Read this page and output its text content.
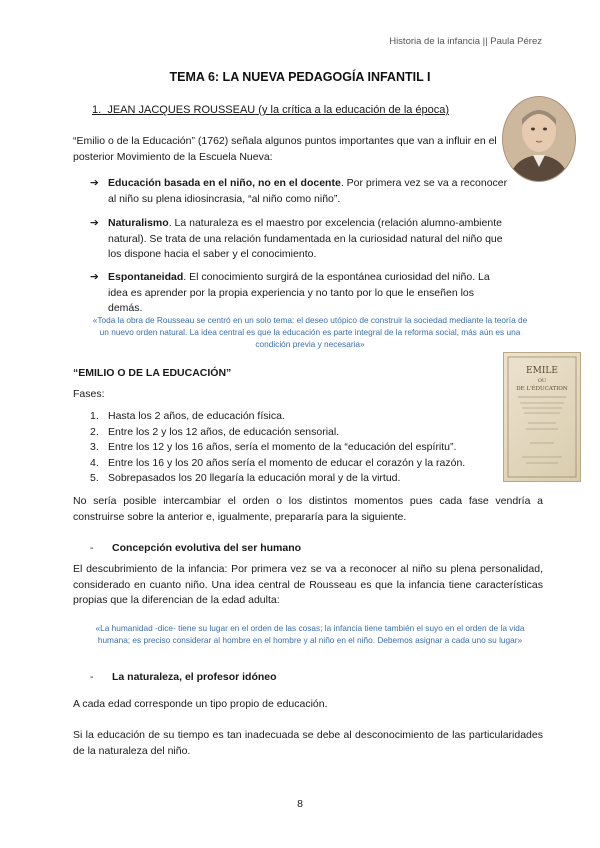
Historia de la infancia || Paula Pérez
TEMA 6: LA NUEVA PEDAGOGÍA INFANTIL I
1. JEAN JACQUES ROUSSEAU (y la crítica a la educación de la época)
“Emilio o de la Educación” (1762) señala algunos puntos importantes que van a influir en el posterior Movimiento de la Escuela Nueva:
➔ Educación basada en el niño, no en el docente. Por primera vez se va a reconocer al niño su plena idiosincrasia, “al niño como niño”.
➔ Naturalismo. La naturaleza es el maestro por excelencia (relación alumno-ambiente natural). Se trata de una relación fundamentada en la curiosidad natural del niño que los dispone hacia el saber y el conocimiento.
➔ Espontaneidad. El conocimiento surgirá de la espontánea curiosidad del niño. La idea es aprender por la propia experiencia y no tanto por lo que le enseñen los demás.
«Toda la obra de Rousseau se centró en un solo tema: el deseo utópico de construir la sociedad mediante la teoría de un nuevo orden natural. La idea central es que la educación es parte integral de la reforma social, más aún es una condición previa y necesaria»
“EMILIO O DE LA EDUCACIÓN”	EMILE
OU
DE L'ÉDUCATION
Fases:
1. Hasta los 2 años, de educación física.
2. Entre los 2 y los 12 años, de educación sensorial.
3. Entre los 12 y los 16 años, sería el momento de la “educación del espíritu”.
4. Entre los 16 y los 20 años sería el momento de educar el corazón y la razón.
5. Sobrepasados los 20 llegaría la educación moral y de la virtud.
No sería posible intercambiar el orden o los distintos momentos pues cada fase vendría a construirse sobre la anterior e, igualmente, prepararía para la siguiente.
- Concepción evolutiva del ser humano
El descubrimiento de la infancia: Por primera vez se va a reconocer al niño su plena personalidad, considerado en cuanto niño. Una idea central de Rousseau es que la infancia tiene características propias que la diferencian de la edad adulta:
«La humanidad -dice- tiene su lugar en el orden de las cosas; la infancia tiene también el suyo en el orden de la vida humana; es preciso considerar al hombre en el hombre y al niño en el niño. Debemos asignar a cada uno su lugar»
- La naturaleza, el profesor idóneo
A cada edad corresponde un tipo propio de educación.
Si la educación de su tiempo es tan inadecuada se debe al desconocimiento de las particularidades de la naturaleza del niño.
8
